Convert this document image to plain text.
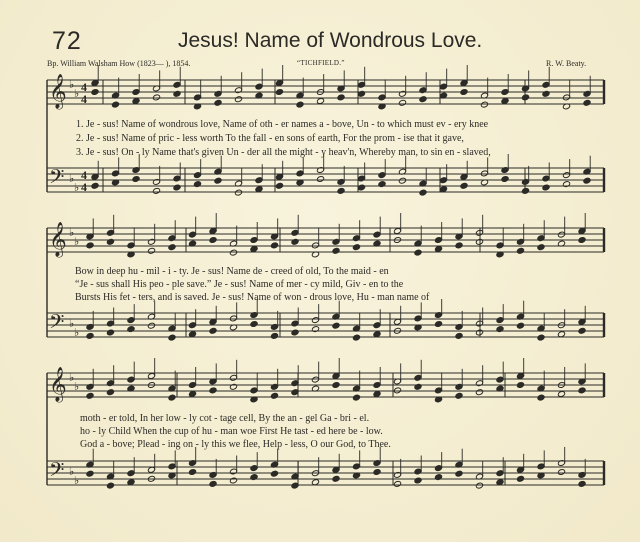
72	Jesus! Name of Wondrous Love.
Bp. William Walsham How (1823— ), 1854.	“TICHFIELD.”	R. W. Beaty.
𝄞
𝄢
♭
♭
♭
♭
4
4
4
4
𝄞
𝄢
♭
♭
♭
♭
𝄞
𝄢
♭
♭
♭
♭
1. Je - sus! Name of wondrous love, Name of oth - er names a - bove, Un - to which must ev - ery knee
2. Je - sus! Name of pric - less worth To the fall - en sons of earth, For the prom - ise that it gave,
3. Je - sus! On - ly Name that's given Un - der all the might - y heav'n, Whereby man, to sin en - slaved,
Bow in deep hu - mil - i - ty. Je - sus! Name de - creed of old, To the maid - en
“Je - sus shall His peo - ple save.” Je - sus! Name of mer - cy mild, Giv - en to the
Bursts His fet - ters, and is saved. Je - sus! Name of won - drous love, Hu - man name of
moth - er told, In her low - ly cot - tage cell, By the an - gel Ga - bri - el.
ho - ly Child When the cup of hu - man woe First He tast - ed here be - low.
God a - bove; Plead - ing on - ly this we flee, Help - less, O our God, to Thee.
